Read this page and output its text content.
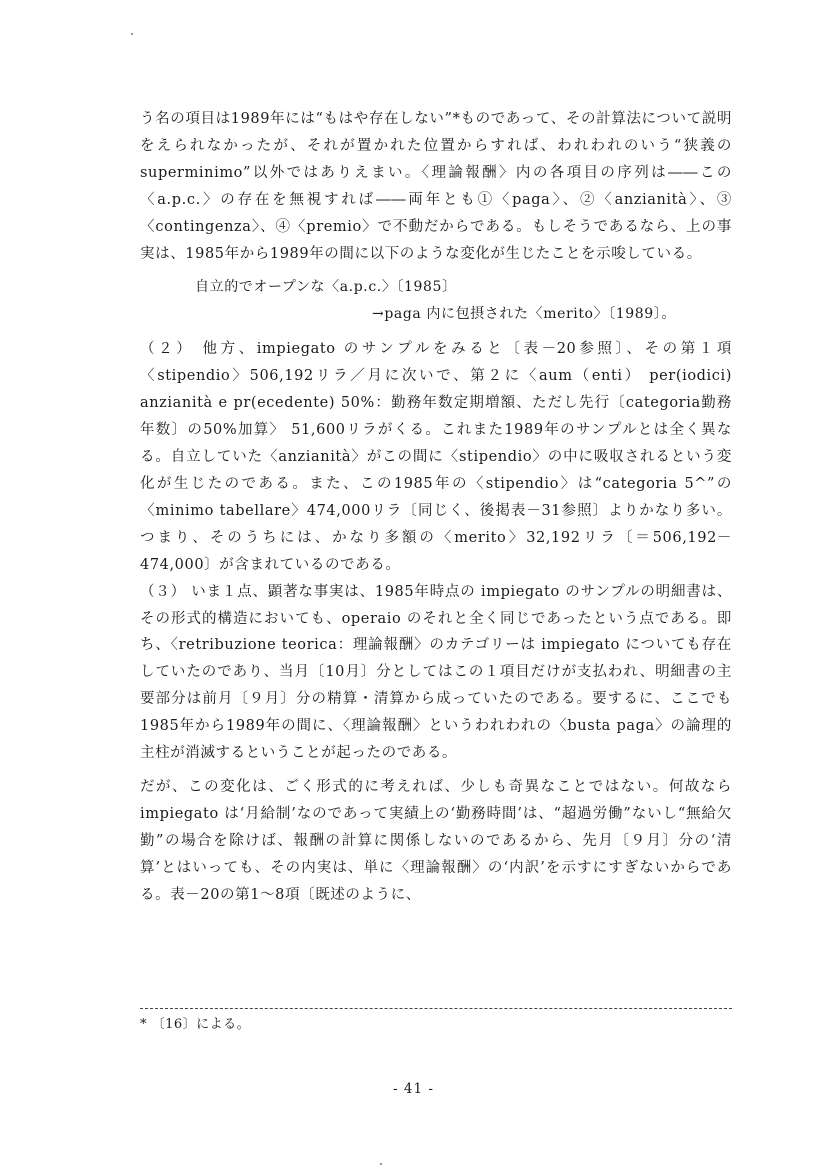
う名の項目は1989年には“もはや存在しない”*ものであって、その計算法について説明をえられなかったが、それが置かれた位置からすれば、われわれのいう“狭義の superminimo”以外ではありえまい。〈理論報酬〉内の各項目の序列は――この〈a.p.c.〉の存在を無視すれば――両年とも①〈paga〉、②〈anzianità〉、③〈contingenza〉、④〈premio〉で不動だからである。もしそうであるなら、上の事実は、1985年から1989年の間に以下のような変化が生じたことを示唆している。

自立的でオープンな〈a.p.c.〉〔1985〕
→paga 内に包摂された〈merito〉〔1989〕。

（２） 他方、impiegato のサンプルをみると〔表－20参照〕、その第１項〈stipendio〉506,192リラ／月に次いで、第２に〈aum（enti） per(iodici) anzianità e pr(ecedente) 50%：勤務年数定期増額、ただし先行〔categoria勤務年数〕の50%加算〉 51,600リラがくる。これまた1989年のサンプルとは全く異なる。自立していた〈anzianità〉がこの間に〈stipendio〉の中に吸収されるという変化が生じたのである。また、この1985年の〈stipendio〉は“categoria 5^”の〈minimo tabellare〉474,000リラ〔同じく、後掲表－31参照〕よりかなり多い。つまり、そのうちには、かなり多額の〈merito〉32,192リラ〔＝506,192－474,000〕が含まれているのである。

（３） いま１点、顕著な事実は、1985年時点の impiegato のサンプルの明細書は、その形式的構造においても、operaio のそれと全く同じであったという点である。即ち、〈retribuzione teorica：理論報酬〉のカテゴリーは impiegato についても存在していたのであり、当月〔10月〕分としてはこの１項目だけが支払われ、明細書の主要部分は前月〔９月〕分の精算・清算から成っていたのである。要するに、ここでも1985年から1989年の間に、〈理論報酬〉というわれわれの〈busta paga〉の論理的主柱が消滅するということが起ったのである。

だが、この変化は、ごく形式的に考えれば、少しも奇異なことではない。何故なら impiegato は‘月給制’なのであって実績上の‘勤務時間’は、“超過労働”ないし“無給欠勤”の場合を除けば、報酬の計算に関係しないのであるから、先月〔９月〕分の‘清算’とはいっても、その内実は、単に〈理論報酬〉の‘内訳’を示すにすぎないからである。表－20の第1～8項〔既述のように、

* 〔16〕による。
- 41 -
